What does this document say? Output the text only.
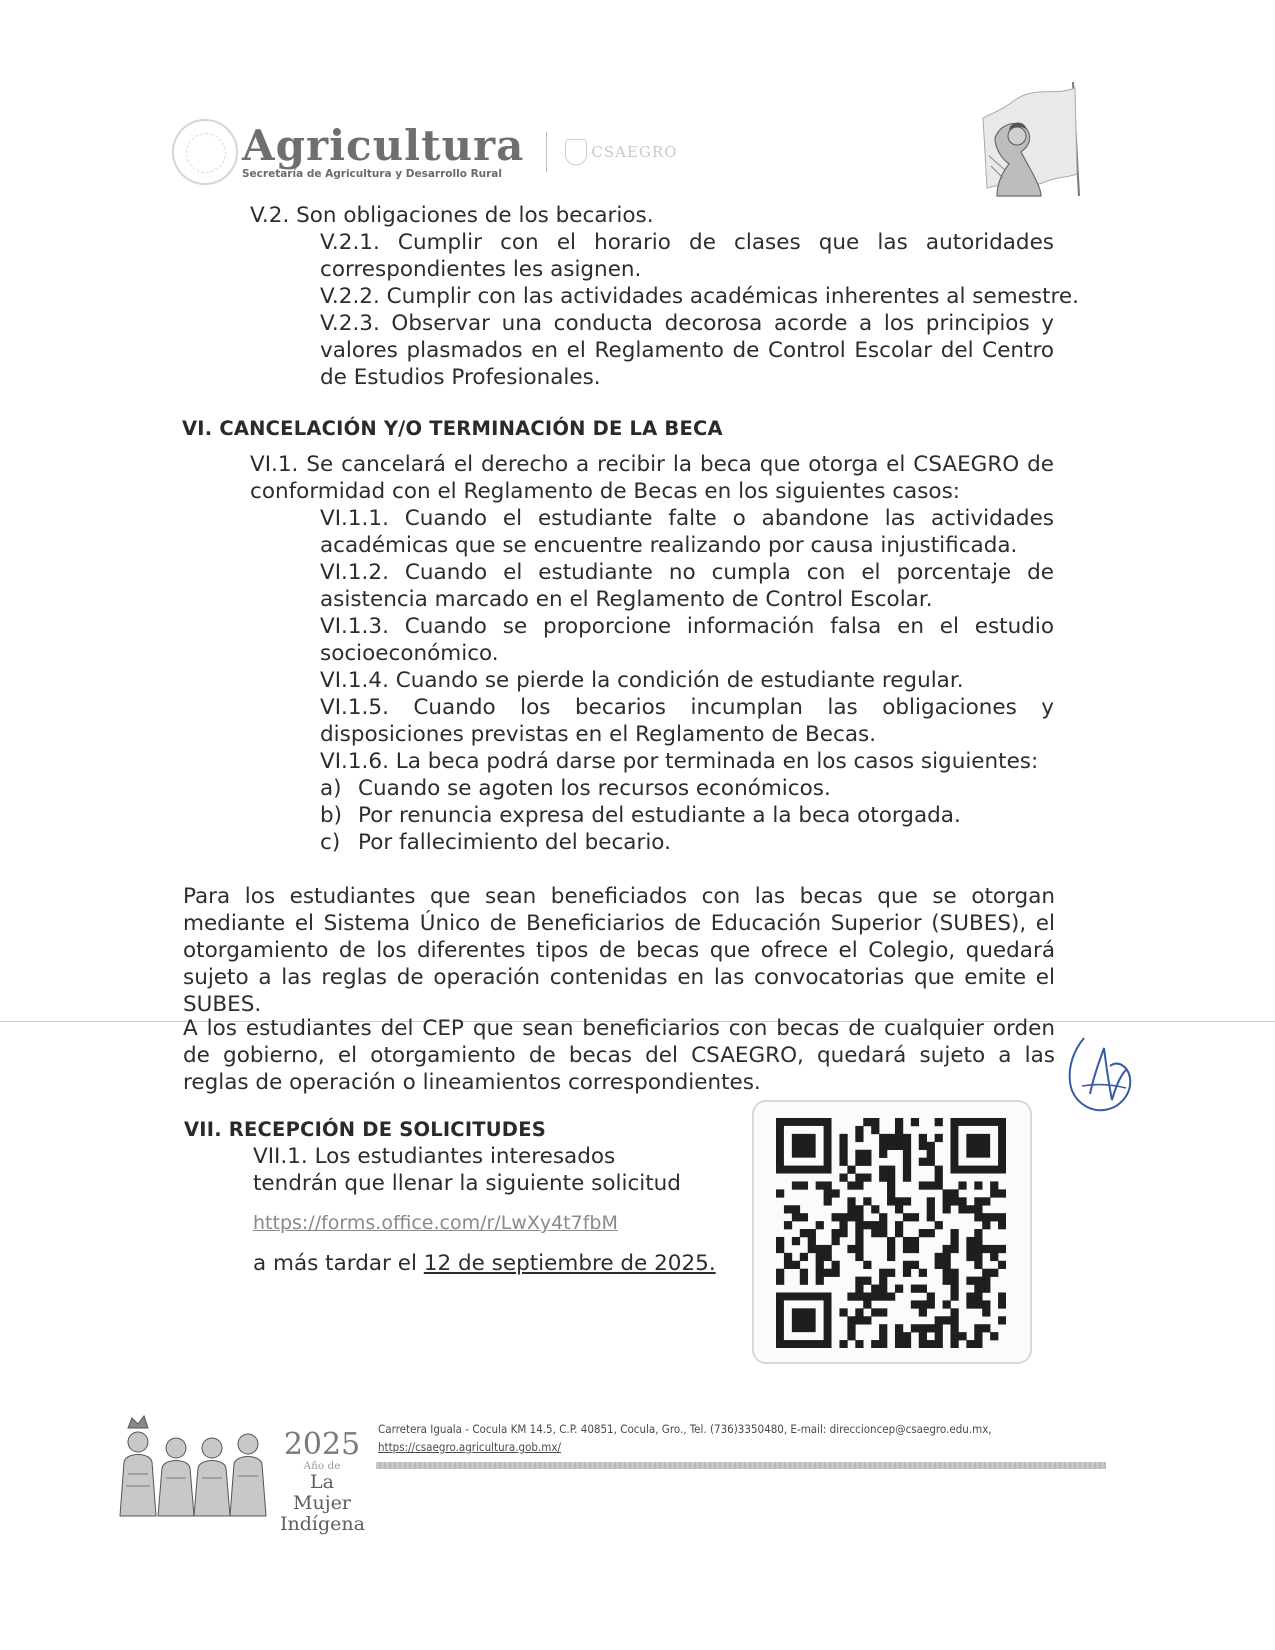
Agricultura
Secretaría de Agricultura y Desarrollo Rural
CSAEGRO
V.2. Son obligaciones de los becarios.
V.2.1. Cumplir con el horario de clases que las autoridades correspondientes les asignen.
V.2.2. Cumplir con las actividades académicas inherentes al semestre.
V.2.3. Observar una conducta decorosa acorde a los principios y valores plasmados en el Reglamento de Control Escolar del Centro de Estudios Profesionales.
VI. CANCELACIÓN Y/O TERMINACIÓN DE LA BECA
VI.1. Se cancelará el derecho a recibir la beca que otorga el CSAEGRO de conformidad con el Reglamento de Becas en los siguientes casos:
VI.1.1. Cuando el estudiante falte o abandone las actividades académicas que se encuentre realizando por causa injustificada.
VI.1.2. Cuando el estudiante no cumpla con el porcentaje de asistencia marcado en el Reglamento de Control Escolar.
VI.1.3. Cuando se proporcione información falsa en el estudio socioeconómico.
VI.1.4. Cuando se pierde la condición de estudiante regular.
VI.1.5. Cuando los becarios incumplan las obligaciones y disposiciones previstas en el Reglamento de Becas.
VI.1.6. La beca podrá darse por terminada en los casos siguientes:
a) Cuando se agoten los recursos económicos.
b) Por renuncia expresa del estudiante a la beca otorgada.
c) Por fallecimiento del becario.
Para los estudiantes que sean beneficiados con las becas que se otorgan mediante el Sistema Único de Beneficiarios de Educación Superior (SUBES), el otorgamiento de los diferentes tipos de becas que ofrece el Colegio, quedará sujeto a las reglas de operación contenidas en las convocatorias que emite el SUBES.
A los estudiantes del CEP que sean beneficiarios con becas de cualquier orden de gobierno, el otorgamiento de becas del CSAEGRO, quedará sujeto a las reglas de operación o lineamientos correspondientes.
VII. RECEPCIÓN DE SOLICITUDES
VII.1. Los estudiantes interesados
tendrán que llenar la siguiente solicitud
https://forms.office.com/r/LwXy4t7fbM
a más tardar el 12 de septiembre de 2025.
2025
Año de
La Mujer
Indígena
Carretera Iguala - Cocula KM 14.5, C.P. 40851, Cocula, Gro., Tel. (736)3350480, E-mail: direccioncep@csaegro.edu.mx,
https://csaegro.agricultura.gob.mx/
